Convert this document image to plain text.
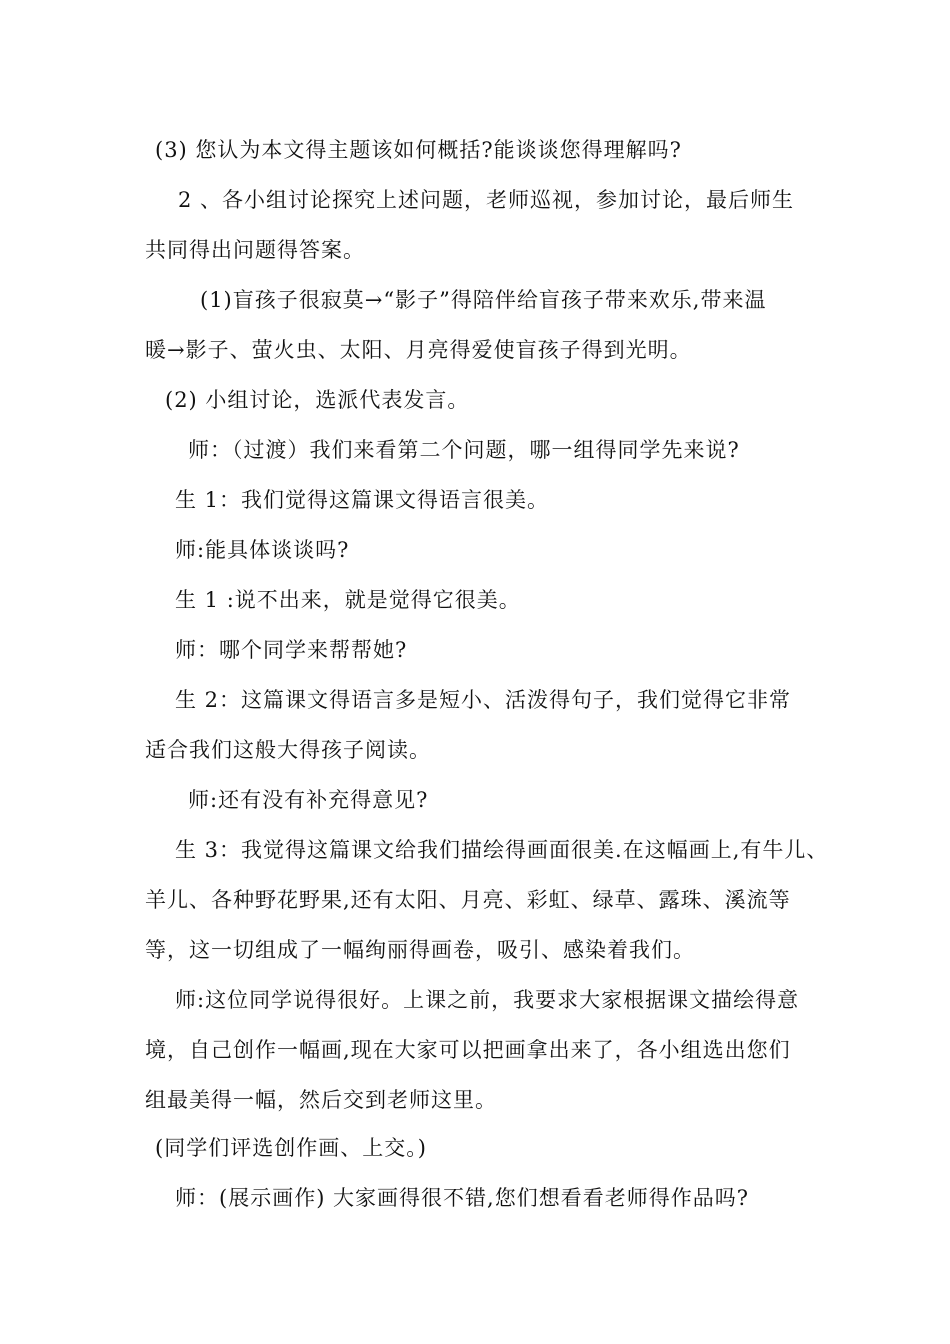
(3) 您认为本文得主题该如何概括?能谈谈您得理解吗?
2 、各小组讨论探究上述问题，老师巡视，参加讨论，最后师生
共同得出问题得答案。
(1)盲孩子很寂莫→“影子”得陪伴给盲孩子带来欢乐,带来温
暖→影子、萤火虫、太阳、月亮得爱使盲孩子得到光明。
(2) 小组讨论，选派代表发言。
师：（过渡）我们来看第二个问题，哪一组得同学先来说?
生 1：我们觉得这篇课文得语言很美。
师:能具体谈谈吗?
生 1 :说不出来，就是觉得它很美。
师：哪个同学来帮帮她?
生 2：这篇课文得语言多是短小、活泼得句子，我们觉得它非常
适合我们这般大得孩子阅读。
师:还有没有补充得意见?
生 3：我觉得这篇课文给我们描绘得画面很美.在这幅画上,有牛儿、
羊儿、各种野花野果,还有太阳、月亮、彩虹、绿草、露珠、溪流等
等，这一切组成了一幅绚丽得画卷，吸引、感染着我们。
师:这位同学说得很好。上课之前，我要求大家根据课文描绘得意
境，自己创作一幅画,现在大家可以把画拿出来了，各小组选出您们
组最美得一幅，然后交到老师这里。
(同学们评选创作画、上交。)
师：(展示画作) 大家画得很不错,您们想看看老师得作品吗?
